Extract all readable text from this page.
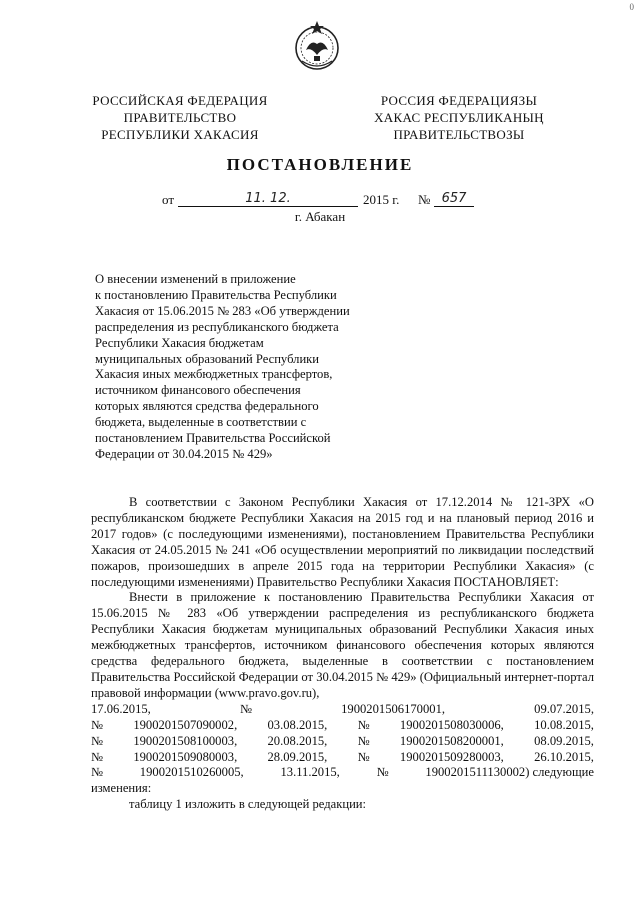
0
РОССИЙСКАЯ ФЕДЕРАЦИЯ
ПРАВИТЕЛЬСТВО
РЕСПУБЛИКИ ХАКАСИЯ
РОССИЯ ФЕДЕРАЦИЯЗЫ
ХАКАС РЕСПУБЛИКАНЫҢ
ПРАВИТЕЛЬСТВОЗЫ
ПОСТАНОВЛЕНИЕ
от	11. 12.	2015 г. № 657
г. Абакан

О внесении изменений в приложение

к постановлению Правительства Республики

Хакасия от 15.06.2015 № 283 «Об утверждении

распределения из республиканского бюджета

Республики Хакасия бюджетам

муниципальных образований Республики

Хакасия иных межбюджетных трансфертов,

источником финансового обеспечения

которых являются средства федерального

бюджета, выделенные в соответствии с

постановлением Правительства Российской

Федерации от 30.04.2015 № 429»

В соответствии с Законом Республики Хакасия от 17.12.2014 № 121-ЗРХ «О республиканском бюджете Республики Хакасия на 2015 год и на плановый период 2016 и 2017 годов» (с последующими изменениями), постановлением Правительства Республики Хакасия от 24.05.2015 № 241 «Об осуществлении мероприятий по ликвидации последствий пожаров, произошедших в апреле 2015 года на территории Республики Хакасия» (с последующими изменениями) Правительство Республики Хакасия ПОСТАНОВЛЯЕТ:

Внести в приложение к постановлению Правительства Республики Хакасия от 15.06.2015 № 283 «Об утверждении распределения из республиканского бюджета Республики Хакасия бюджетам муниципальных образований Республики Хакасия иных межбюджетных трансфертов, источником финансового обеспечения которых являются средства федерального бюджета, выделенные в соответствии с постановлением Правительства Российской Федерации от 30.04.2015 № 429» (Официальный интернет-портал правовой информации (www.pravo.gov.ru),

17.06.2015,	№	1900201506170001,	09.07.2015,
№ 1900201507090002, 03.08.2015, № 1900201508030006, 10.08.2015,
№ 1900201508100003, 20.08.2015, № 1900201508200001, 08.09.2015,
№ 1900201509080003, 28.09.2015, № 1900201509280003, 26.10.2015,
№	1900201510260005,	13.11.2015,	№	1900201511130002) следующие

изменения:

таблицу 1 изложить в следующей редакции:
